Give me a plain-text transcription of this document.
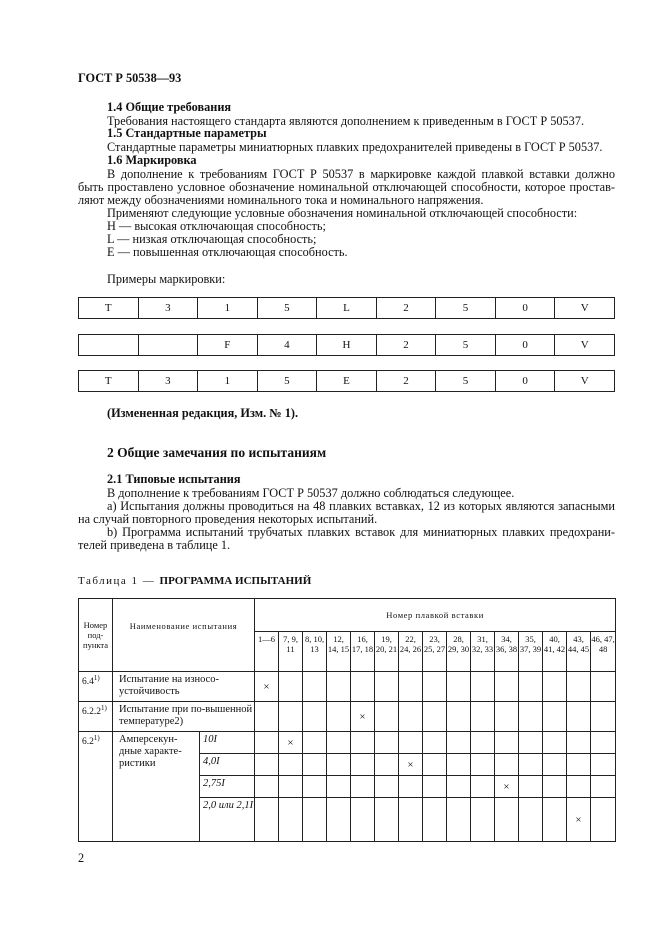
ГОСТ Р 50538—93
1.4 Общие требования
Требования настоящего стандарта являются дополнением к приведенным в ГОСТ Р 50537.
1.5 Стандартные параметры
Стандартные параметры миниатюрных плавких предохранителей приведены в ГОСТ Р 50537.
1.6 Маркировка
В дополнение к требованиям ГОСТ Р 50537 в маркировке каждой плавкой вставки должно
быть проставлено условное обозначение номинальной отключающей способности, которое простав-
ляют между обозначениями номинального тока и номинального напряжения.
Применяют следующие условные обозначения номинальной отключающей способности:
Н — высокая отключающая способность;
L — низкая отключающая способность;
Е — повышенная отключающая способность.
Примеры маркировки:
Т	3	1	5	L	2	5	0	V
		F	4	H	2	5	0	V
Т	3	1	5	Е	2	5	0	V
(Измененная редакция, Изм. № 1).
2 Общие замечания по испытаниям
2.1 Типовые испытания
В дополнение к требованиям ГОСТ Р 50537 должно соблюдаться следующее.
а) Испытания должны проводиться на 48 плавких вставках, 12 из которых являются запасными
на случай повторного проведения некоторых испытаний.
b) Программа испытаний трубчатых плавких вставок для миниатюрных плавких предохрани-
телей приведена в таблице 1.
Таблица 1 — ПРОГРАММА ИСПЫТАНИЙ
Номер под-пункта	Наименование испытания		Номер плавкой вставки														
			1—6	7, 9, 11	8, 10, 13	12, 14, 15	16, 17, 18	19, 20, 21	22, 24, 26	23, 25, 27	28, 29, 30	31, 32, 33	34, 36, 38	35, 37, 39	40, 41, 42	43, 44, 45	46, 47, 48
6.4$^{1)}$	Испытание на износо-устойчивость		×														
6.2.2$^{1)}$	Испытание при по-вышенной температуре2)						×										
6.2$^{1)}$	Амперсекун-дные характе-ристики	10I		×													
		4,0I							×								
		2,75I											×				
		2,0 или 2,1I														×	
2
